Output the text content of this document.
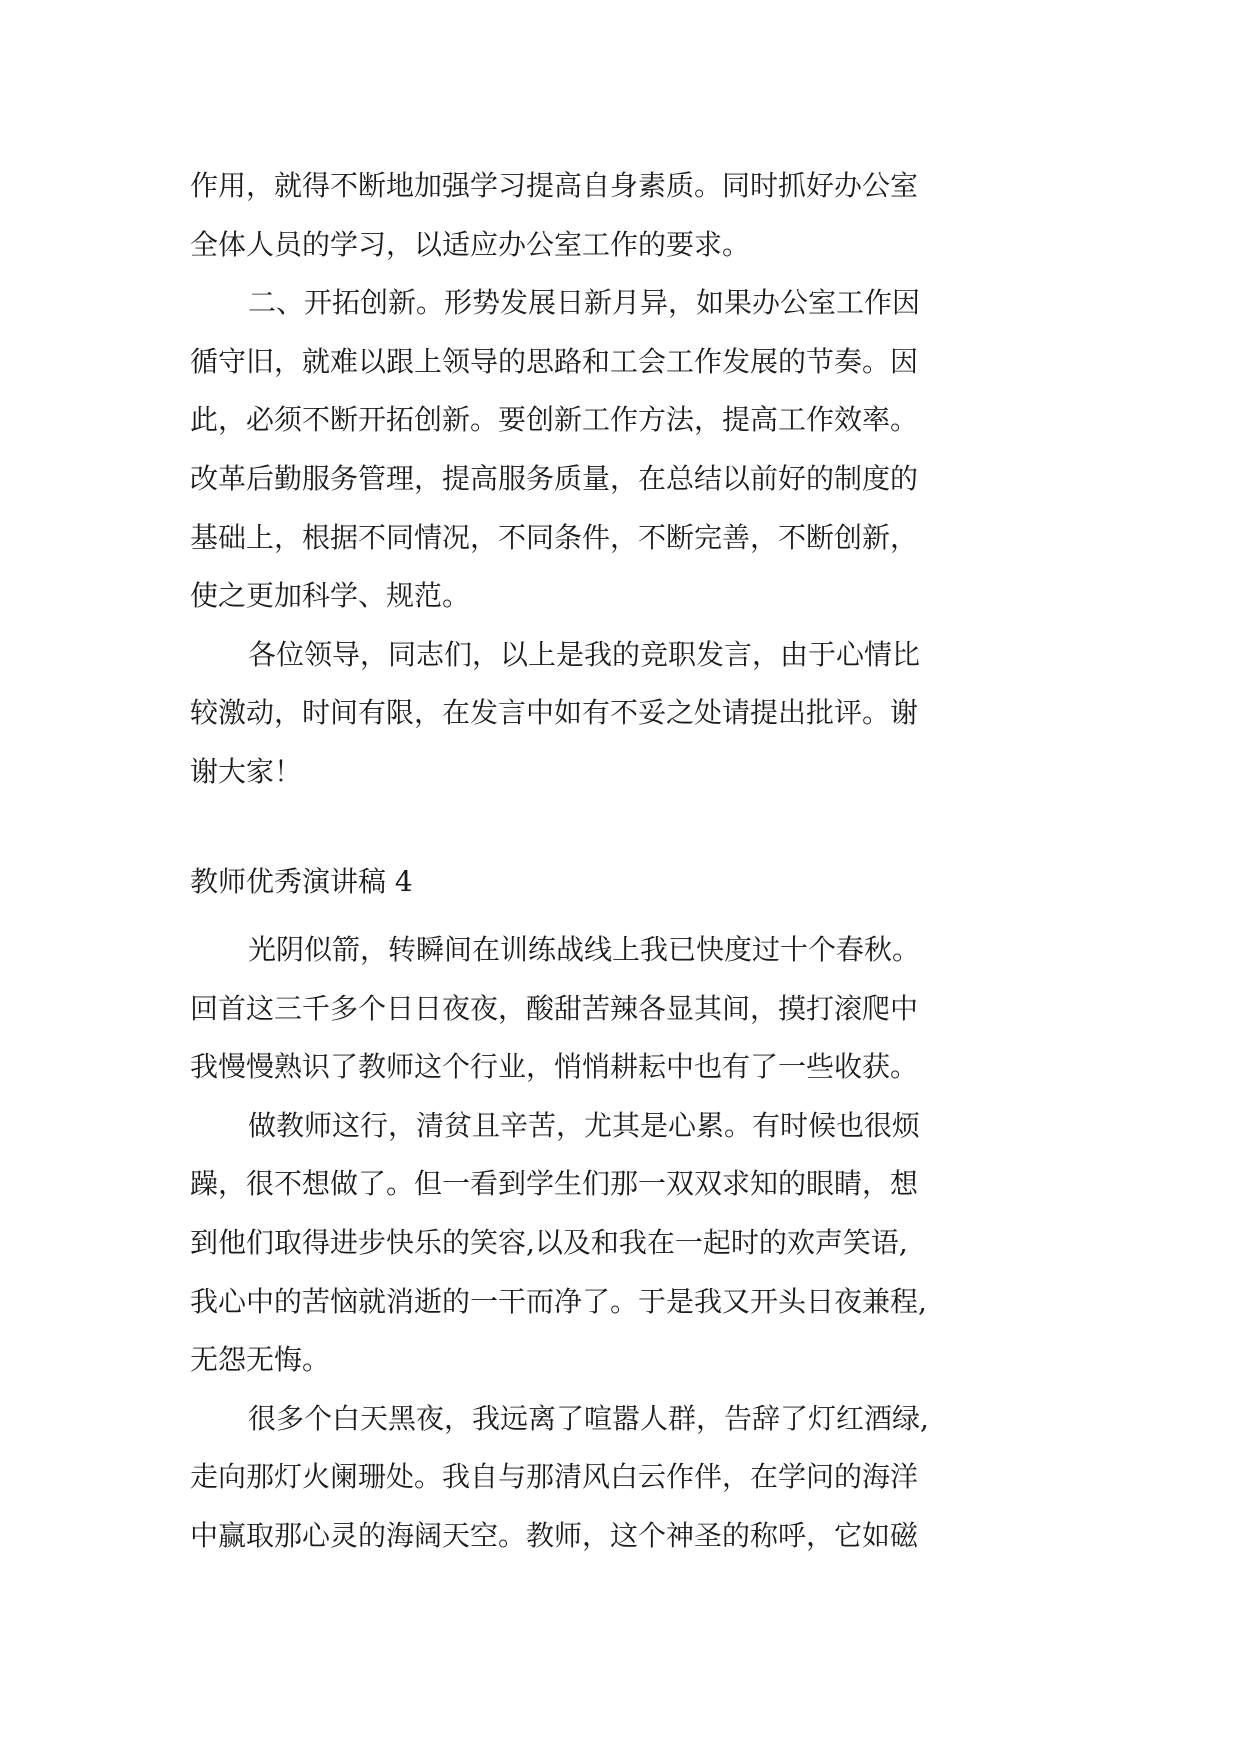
作用，就得不断地加强学习提高自身素质。同时抓好办公室
全体人员的学习，以适应办公室工作的要求。
二、开拓创新。形势发展日新月异，如果办公室工作因
循守旧，就难以跟上领导的思路和工会工作发展的节奏。因
此，必须不断开拓创新。要创新工作方法，提高工作效率。
改革后勤服务管理，提高服务质量，在总结以前好的制度的
基础上，根据不同情况，不同条件，不断完善，不断创新，
使之更加科学、规范。
各位领导，同志们，以上是我的竞职发言，由于心情比
较激动，时间有限，在发言中如有不妥之处请提出批评。谢
谢大家！
教师优秀演讲稿 4
光阴似箭，转瞬间在训练战线上我已快度过十个春秋。
回首这三千多个日日夜夜，酸甜苦辣各显其间，摸打滚爬中
我慢慢熟识了教师这个行业，悄悄耕耘中也有了一些收获。
做教师这行，清贫且辛苦，尤其是心累。有时候也很烦
躁，很不想做了。但一看到学生们那一双双求知的眼睛，想
到他们取得进步快乐的笑容,以及和我在一起时的欢声笑语,
我心中的苦恼就消逝的一干而净了。于是我又开头日夜兼程,
无怨无悔。
很多个白天黑夜，我远离了喧嚣人群，告辞了灯红酒绿,
走向那灯火阑珊处。我自与那清风白云作伴，在学问的海洋
中赢取那心灵的海阔天空。教师，这个神圣的称呼，它如磁
